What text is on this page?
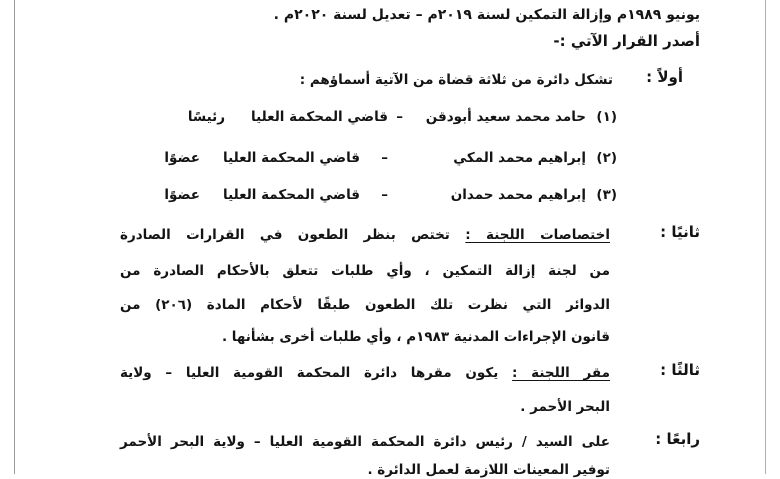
يونيو ١٩٨٩م وإزالة التمكين لسنة ٢٠١٩م – تعديل لسنة ٢٠٢٠م .
أصدر القرار الآتي :-
أولاً :
تشكل دائرة من ثلاثة قضاة من الآتية أسماؤهم :
(١)
حامد محمد سعيد أبودقن
–
قاضي المحكمة العليا
رئيسًا
(٢)
إبراهيم محمد المكي
–
قاضي المحكمة العليا
عضوًا
(٣)
إبراهيم محمد حمدان
–
قاضي المحكمة العليا
عضوًا
ثانيًا :
اختصاصات اللجنة : تختص بنظر الطعون في القرارات الصادرة
من لجنة إزالة التمكين ، وأي طلبات تتعلق بالأحكام الصادرة من
الدوائر التي نظرت تلك الطعون طبقًا لأحكام المادة (٢٠٦) من
قانون الإجراءات المدنية ١٩٨٣م ، وأي طلبات أخرى بشأنها .
ثالثًا :
مقر اللجنة : يكون مقرها دائرة المحكمة القومية العليا – ولاية
البحر الأحمر .
رابعًا :
على السيد / رئيس دائرة المحكمة القومية العليا – ولاية البحر الأحمر
توفير المعينات اللازمة لعمل الدائرة .
